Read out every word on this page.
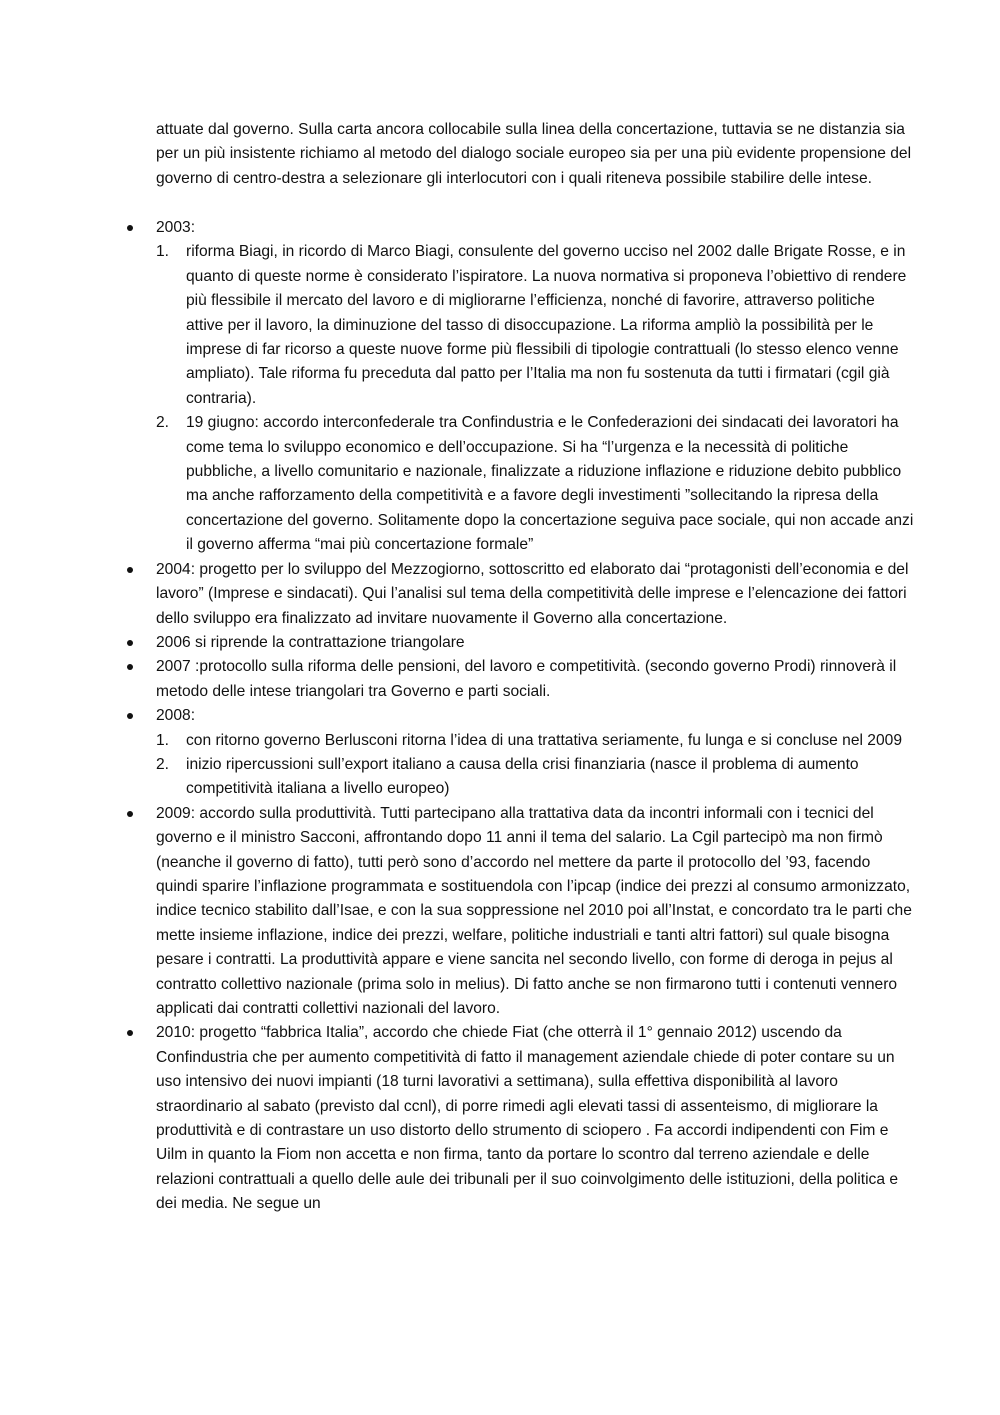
attuate dal governo. Sulla carta ancora collocabile sulla linea della concertazione, tuttavia se ne distanzia sia per un più insistente richiamo al metodo del dialogo sociale europeo sia per una più evidente propensione del governo di centro-destra a selezionare gli interlocutori con i quali riteneva possibile stabilire delle intese.

2003:

1. riforma Biagi, in ricordo di Marco Biagi, consulente del governo ucciso nel 2002 dalle Brigate Rosse, e in quanto di queste norme è considerato l’ispiratore. La nuova normativa si proponeva l’obiettivo di rendere più flessibile il mercato del lavoro e di migliorarne l’efficienza, nonché di favorire, attraverso politiche attive per il lavoro, la diminuzione del tasso di disoccupazione. La riforma ampliò la possibilità per le imprese di far ricorso a queste nuove forme più flessibili di tipologie contrattuali (lo stesso elenco venne ampliato). Tale riforma fu preceduta dal patto per l’Italia ma non fu sostenuta da tutti i firmatari (cgil già contraria).

2. 19 giugno: accordo interconfederale tra Confindustria e le Confederazioni dei sindacati dei lavoratori ha come tema lo sviluppo economico e dell’occupazione. Si ha “l’urgenza e la necessità di politiche pubbliche, a livello comunitario e nazionale, finalizzate a riduzione inflazione e riduzione debito pubblico ma anche rafforzamento della competitività e a favore degli investimenti ”sollecitando la ripresa della concertazione del governo. Solitamente dopo la concertazione seguiva pace sociale, qui non accade anzi il governo afferma “mai più concertazione formale”

2004: progetto per lo sviluppo del Mezzogiorno, sottoscritto ed elaborato dai “protagonisti dell’economia e del lavoro” (Imprese e sindacati). Qui l’analisi sul tema della competitività delle imprese e l’elencazione dei fattori dello sviluppo era finalizzato ad invitare nuovamente il Governo alla concertazione.

2006 si riprende la contrattazione triangolare

2007 :protocollo sulla riforma delle pensioni, del lavoro e competitività. (secondo governo Prodi) rinnoverà il metodo delle intese triangolari tra Governo e parti sociali.

2008:

1. con ritorno governo Berlusconi ritorna l’idea di una trattativa seriamente, fu lunga e si concluse nel 2009

2. inizio ripercussioni sull’export italiano a causa della crisi finanziaria (nasce il problema di aumento competitività italiana a livello europeo)

2009: accordo sulla produttività. Tutti partecipano alla trattativa data da incontri informali con i tecnici del governo e il ministro Sacconi, affrontando dopo 11 anni il tema del salario. La Cgil partecipò ma non firmò (neanche il governo di fatto), tutti però sono d’accordo nel mettere da parte il protocollo del ’93, facendo quindi sparire l’inflazione programmata e sostituendola con l’ipcap (indice dei prezzi al consumo armonizzato, indice tecnico stabilito dall’Isae, e con la sua soppressione nel 2010 poi all’Instat, e concordato tra le parti che mette insieme inflazione, indice dei prezzi, welfare, politiche industriali e tanti altri fattori) sul quale bisogna pesare i contratti. La produttività appare e viene sancita nel secondo livello, con forme di deroga in pejus al contratto collettivo nazionale (prima solo in melius). Di fatto anche se non firmarono tutti i contenuti vennero applicati dai contratti collettivi nazionali del lavoro.

2010: progetto “fabbrica Italia”, accordo che chiede Fiat (che otterrà il 1° gennaio 2012) uscendo da Confindustria che per aumento competitività di fatto il management aziendale chiede di poter contare su un uso intensivo dei nuovi impianti (18 turni lavorativi a settimana), sulla effettiva disponibilità al lavoro straordinario al sabato (previsto dal ccnl), di porre rimedi agli elevati tassi di assenteismo, di migliorare la produttività e di contrastare un uso distorto dello strumento di sciopero . Fa accordi indipendenti con Fim e Uilm in quanto la Fiom non accetta e non firma, tanto da portare lo scontro dal terreno aziendale e delle relazioni contrattuali a quello delle aule dei tribunali per il suo coinvolgimento delle istituzioni, della politica e dei media. Ne segue un
